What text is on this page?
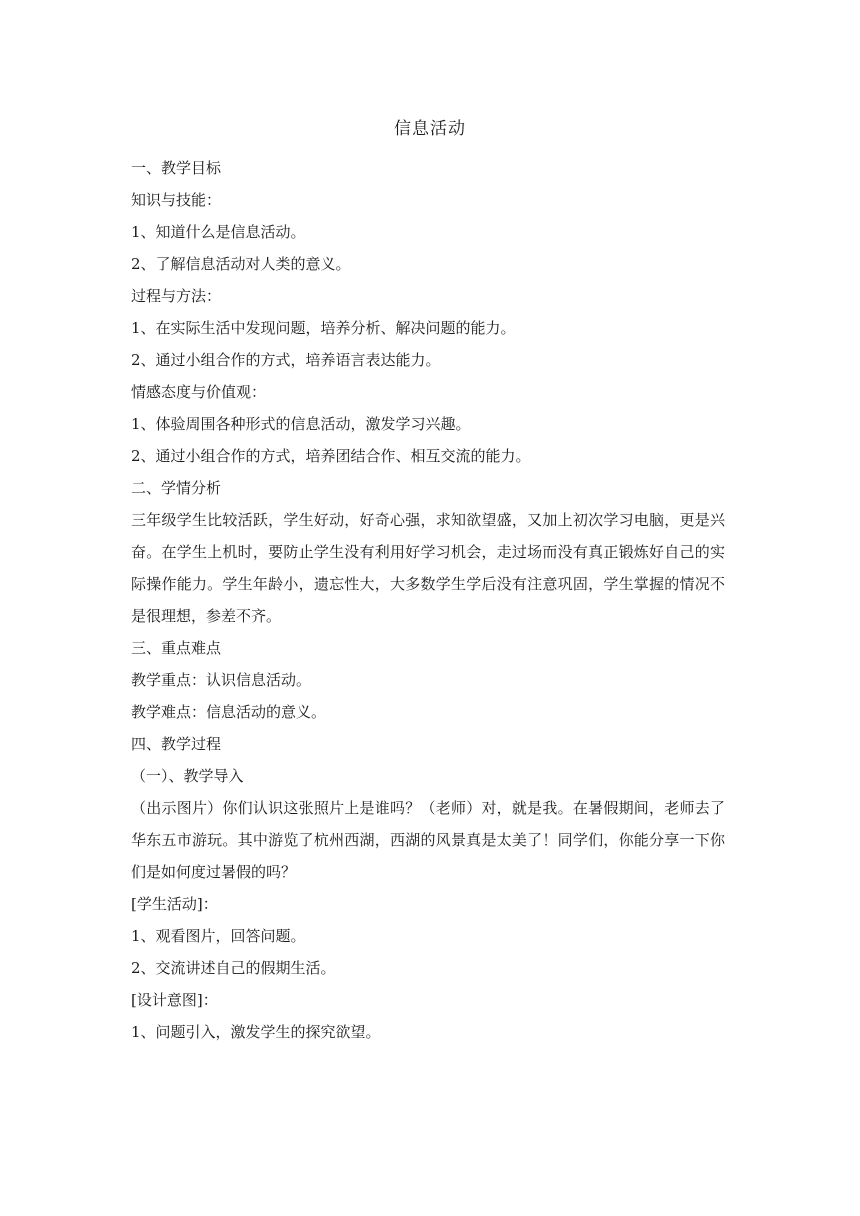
信息活动

一、教学目标

知识与技能：

1、知道什么是信息活动。

2、了解信息活动对人类的意义。

过程与方法：

1、在实际生活中发现问题，培养分析、解决问题的能力。

2、通过小组合作的方式，培养语言表达能力。

情感态度与价值观：

1、体验周围各种形式的信息活动，激发学习兴趣。

2、通过小组合作的方式，培养团结合作、相互交流的能力。

二、学情分析

三年级学生比较活跃，学生好动，好奇心强，求知欲望盛，又加上初次学习电脑，更是兴奋。在学生上机时，要防止学生没有利用好学习机会，走过场而没有真正锻炼好自己的实际操作能力。学生年龄小，遗忘性大，大多数学生学后没有注意巩固，学生掌握的情况不是很理想，参差不齐。

三、重点难点

教学重点：认识信息活动。

教学难点：信息活动的意义。

四、教学过程

（一）、教学导入

（出示图片）你们认识这张照片上是谁吗？（老师）对，就是我。在暑假期间，老师去了华东五市游玩。其中游览了杭州西湖，西湖的风景真是太美了！同学们，你能分享一下你们是如何度过暑假的吗？

[学生活动]：

1、观看图片，回答问题。

2、交流讲述自己的假期生活。

[设计意图]：

1、问题引入，激发学生的探究欲望。
